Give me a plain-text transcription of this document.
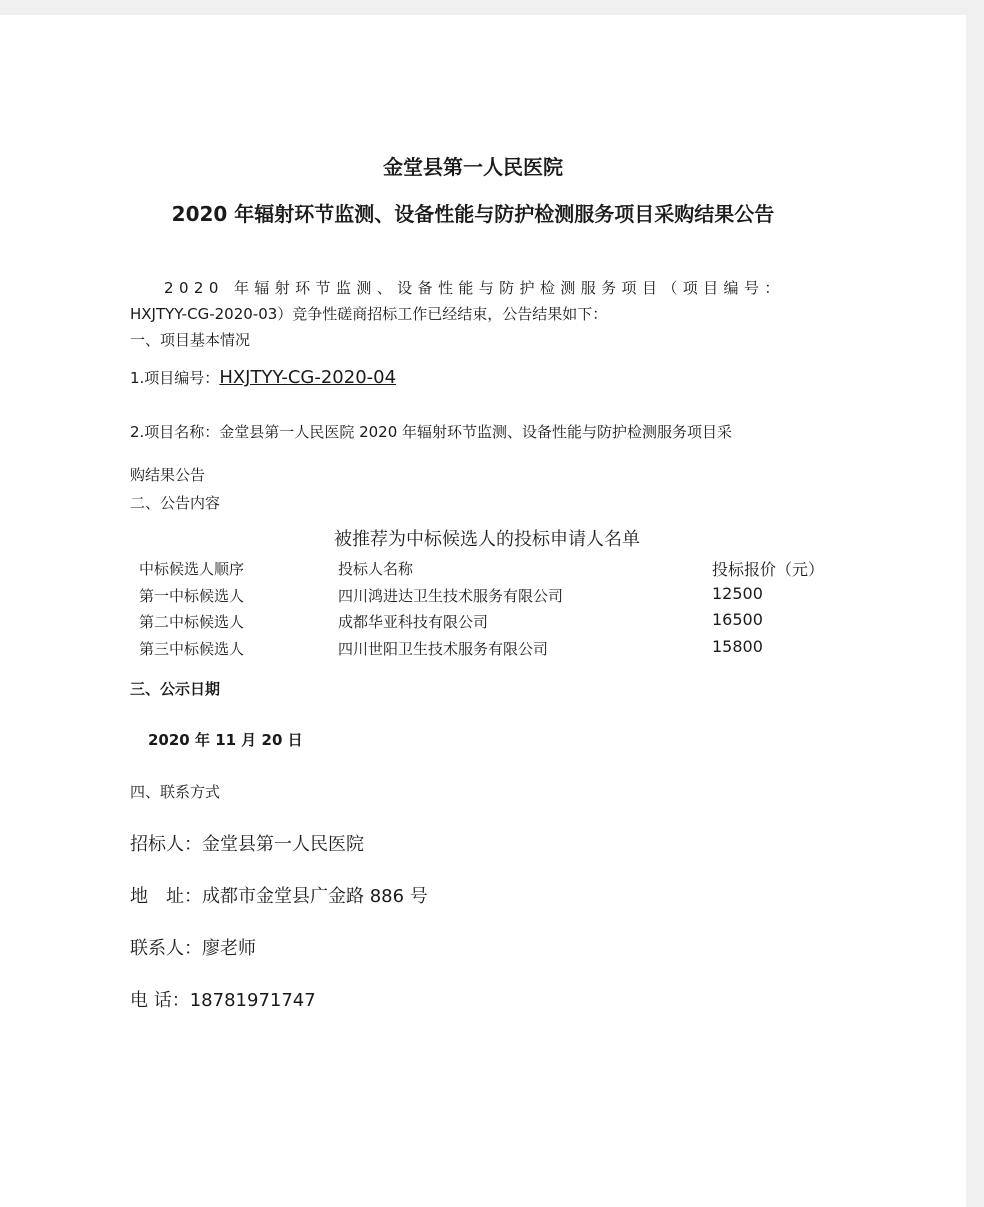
金堂县第一人民医院
2020 年辐射环节监测、设备性能与防护检测服务项目采购结果公告
2020 年辐射环节监测、设备性能与防护检测服务项目（项目编号：
HXJTYY-CG-2020-03）竞争性磋商招标工作已经结束，公告结果如下：
一、项目基本情况
1.项目编号：HXJTYY-CG-2020-04
2.项目名称：金堂县第一人民医院 2020 年辐射环节监测、设备性能与防护检测服务项目采
购结果公告
二、公告内容
被推荐为中标候选人的投标申请人名单
中标候选人顺序	投标人名称	投标报价（元）
第一中标候选人	四川鸿进达卫生技术服务有限公司	12500
第二中标候选人	成都华亚科技有限公司	16500
第三中标候选人	四川世阳卫生技术服务有限公司	15800
三、公示日期
2020 年 11 月 20 日
四、联系方式
招标人：金堂县第一人民医院
地　址：成都市金堂县广金路 886 号
联系人：廖老师
电 话：18781971747
